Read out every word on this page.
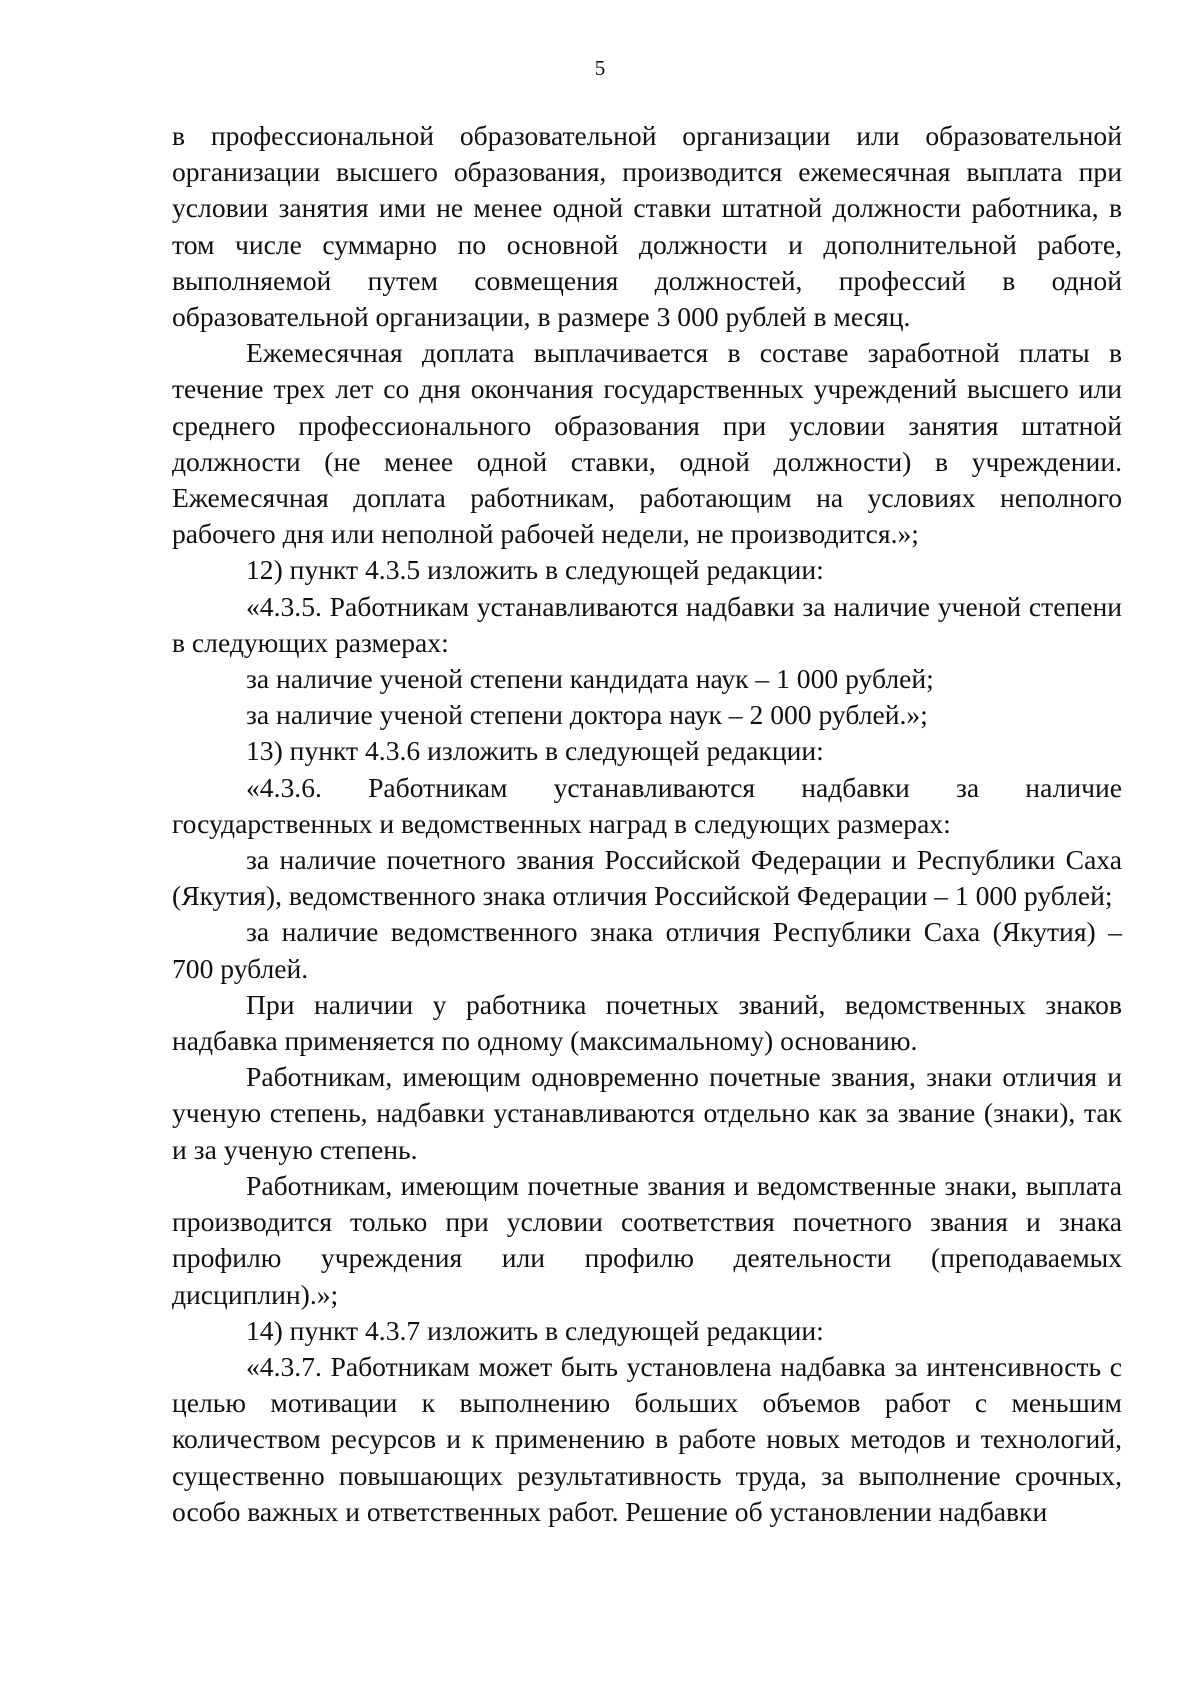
5

в профессиональной образовательной организации или образовательной организации высшего образования, производится ежемесячная выплата при условии занятия ими не менее одной ставки штатной должности работника, в том числе суммарно по основной должности и дополнительной работе, выполняемой путем совмещения должностей, профессий в одной образовательной организации, в размере 3 000 рублей в месяц.

Ежемесячная доплата выплачивается в составе заработной платы в течение трех лет со дня окончания государственных учреждений высшего или среднего профессионального образования при условии занятия штатной должности (не менее одной ставки, одной должности) в учреждении. Ежемесячная доплата работникам, работающим на условиях неполного рабочего дня или неполной рабочей недели, не производится.»;

12) пункт 4.3.5 изложить в следующей редакции:

«4.3.5. Работникам устанавливаются надбавки за наличие ученой степени в следующих размерах:

за наличие ученой степени кандидата наук – 1 000 рублей;

за наличие ученой степени доктора наук – 2 000 рублей.»;

13) пункт 4.3.6 изложить в следующей редакции:

«4.3.6. Работникам устанавливаются надбавки за наличие государственных и ведомственных наград в следующих размерах:

за наличие почетного звания Российской Федерации и Республики Саха (Якутия), ведомственного знака отличия Российской Федерации – 1 000 рублей;

за наличие ведомственного знака отличия Республики Саха (Якутия) – 700 рублей.

При наличии у работника почетных званий, ведомственных знаков надбавка применяется по одному (максимальному) основанию.

Работникам, имеющим одновременно почетные звания, знаки отличия и ученую степень, надбавки устанавливаются отдельно как за звание (знаки), так и за ученую степень.

Работникам, имеющим почетные звания и ведомственные знаки, выплата производится только при условии соответствия почетного звания и знака профилю учреждения или профилю деятельности (преподаваемых дисциплин).»;

14) пункт 4.3.7 изложить в следующей редакции:

«4.3.7. Работникам может быть установлена надбавка за интенсивность с целью мотивации к выполнению больших объемов работ с меньшим количеством ресурсов и к применению в работе новых методов и технологий, существенно повышающих результативность труда, за выполнение срочных, особо важных и ответственных работ. Решение об установлении надбавки
